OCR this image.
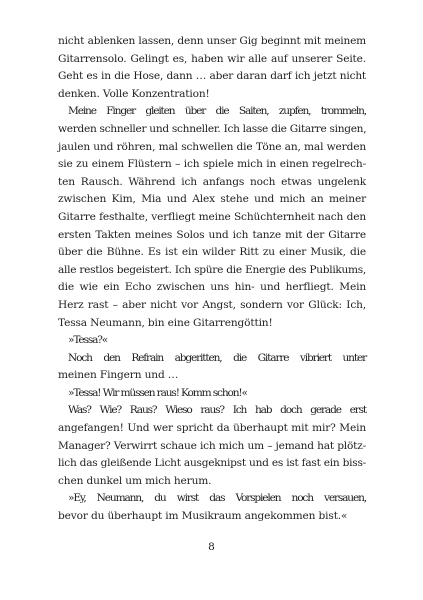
nicht ablenken lassen, denn unser Gig beginnt mit meinem
Gitarrensolo. Gelingt es, haben wir alle auf unserer Seite.
Geht es in die Hose, dann … aber daran darf ich jetzt nicht
denken. Volle Konzentration!
Meine Finger gleiten über die Saiten, zupfen, trommeln,
werden schneller und schneller. Ich lasse die Gitarre singen,
jaulen und röhren, mal schwellen die Töne an, mal werden
sie zu einem Flüstern – ich spiele mich in einen regelrech-
ten Rausch. Während ich anfangs noch etwas ungelenk
zwischen Kim, Mia und Alex stehe und mich an meiner
Gitarre festhalte, verfliegt meine Schüchternheit nach den
ersten Takten meines Solos und ich tanze mit der Gitarre
über die Bühne. Es ist ein wilder Ritt zu einer Musik, die
alle restlos begeistert. Ich spüre die Energie des Publikums,
die wie ein Echo zwischen uns hin- und herfliegt. Mein
Herz rast – aber nicht vor Angst, sondern vor Glück: Ich,
Tessa Neumann, bin eine Gitarrengöttin!
»Tessa?«
Noch den Refrain abgeritten, die Gitarre vibriert unter
meinen Fingern und …
»Tessa! Wir müssen raus! Komm schon!«
Was? Wie? Raus? Wieso raus? Ich hab doch gerade erst
angefangen! Und wer spricht da überhaupt mit mir? Mein
Manager? Verwirrt schaue ich mich um – jemand hat plötz-
lich das gleißende Licht ausgeknipst und es ist fast ein biss-
chen dunkel um mich herum.
»Ey, Neumann, du wirst das Vorspielen noch versauen,
bevor du überhaupt im Musikraum angekommen bist.«
8
